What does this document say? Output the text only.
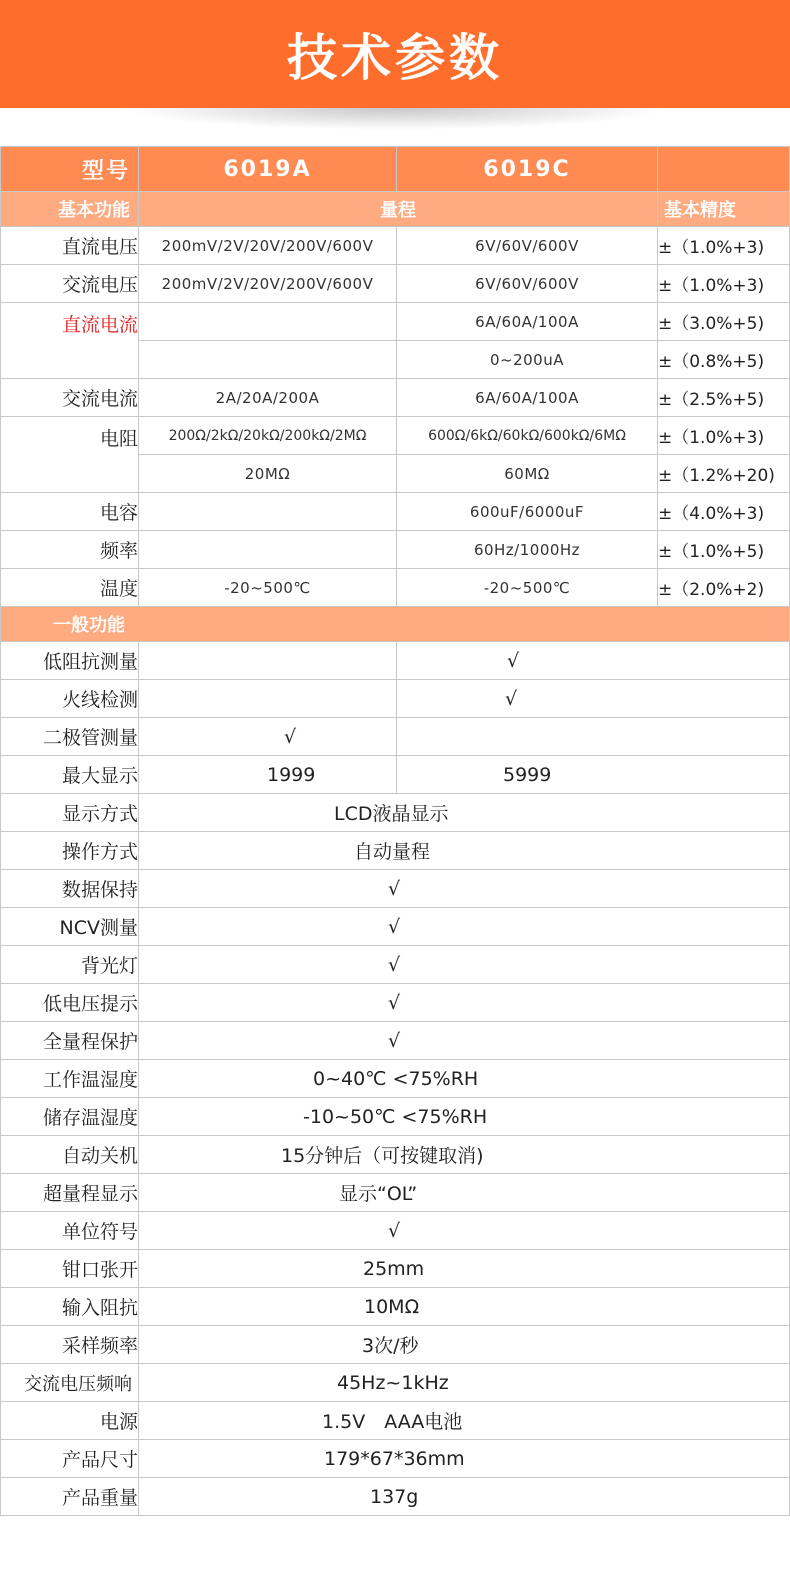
技术参数
型号	6019A	6019C	
基本功能	量程		基本精度
直流电压	200mV/2V/20V/200V/600V	6V/60V/600V	±（1.0%+3)
交流电压	200mV/2V/20V/200V/600V	6V/60V/600V	±（1.0%+3)
直流电流		6A/60A/100A	±（3.0%+5)
		0~200uA	±（0.8%+5)
交流电流	2A/20A/200A	6A/60A/100A	±（2.5%+5)
电阻	200Ω/2kΩ/20kΩ/200kΩ/2MΩ	600Ω/6kΩ/60kΩ/600kΩ/6MΩ	±（1.0%+3)
	20MΩ	60MΩ	±（1.2%+20)
电容		600uF/6000uF	±（4.0%+3)
频率		60Hz/1000Hz	±（1.0%+5)
温度	-20~500℃	-20~500℃	±（2.0%+2)
一般功能			
低阻抗测量		√	
火线检测		√	
二极管测量	√		
最大显示	1999	5999	
显示方式	LCD液晶显示		
操作方式	自动量程		
数据保持	√		
NCV测量	√		
背光灯	√		
低电压提示	√		
全量程保护	√		
工作温湿度	0~40℃ <75%RH		
储存温湿度	-10~50℃ <75%RH		
自动关机	15分钟后（可按键取消)		
超量程显示	显示“OL”		
单位符号	√		
钳口张开	25mm		
输入阻抗	10MΩ		
采样频率	3次/秒		
交流电压频响	45Hz~1kHz		
电源	1.5V　AAA电池		
产品尺寸	179*67*36mm		
产品重量	137g		
